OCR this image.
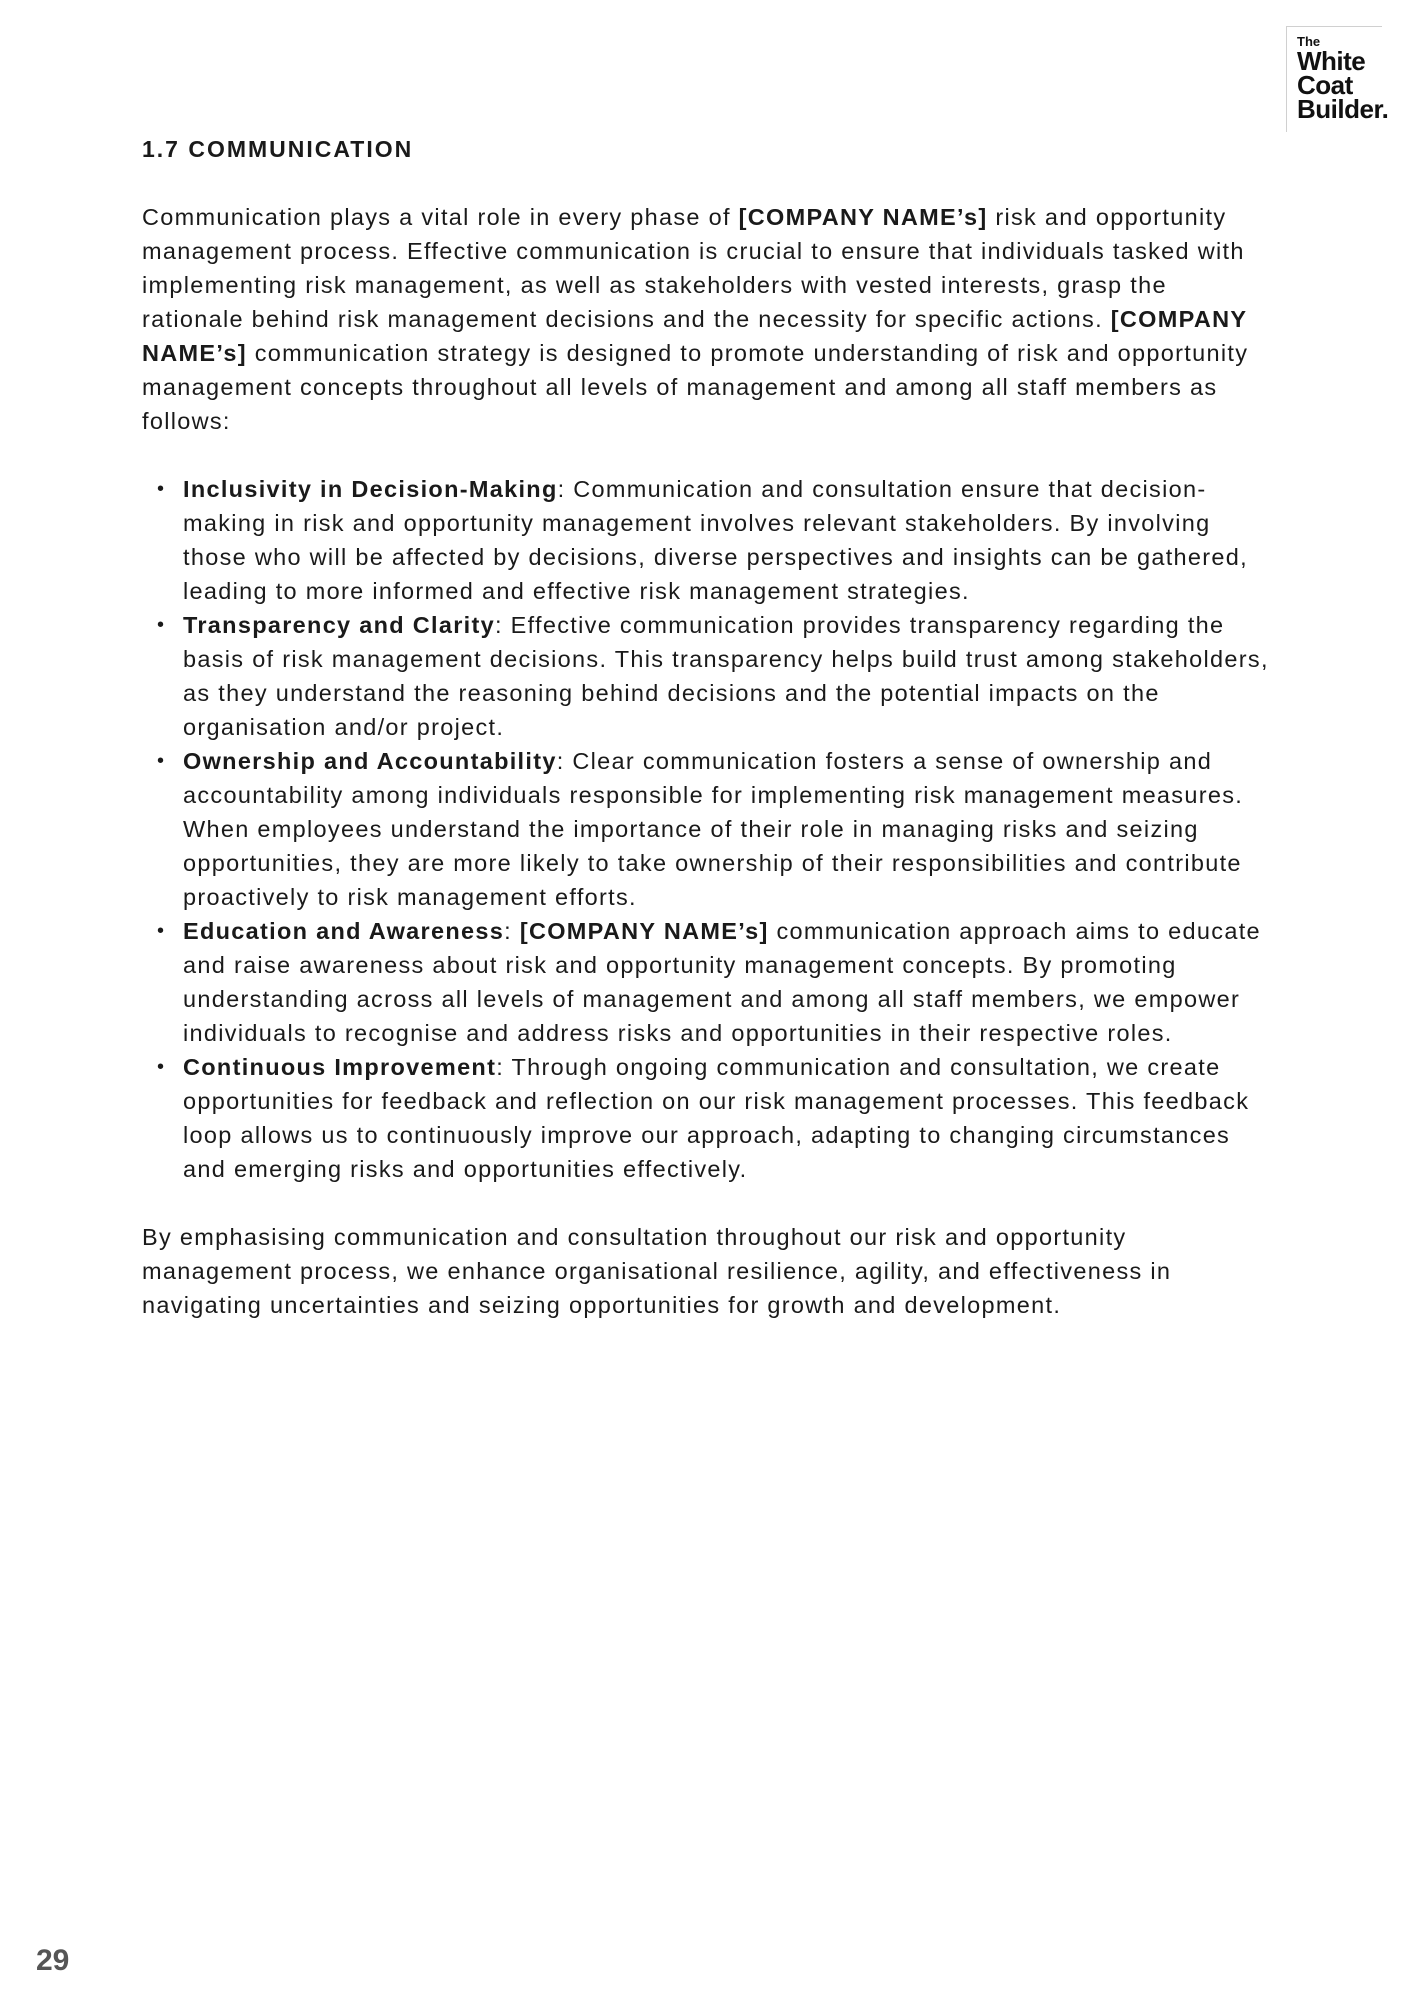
The
White
Coat
Builder.
1.7 COMMUNICATION

Communication plays a vital role in every phase of [COMPANY NAME’s] risk and opportunity management process. Effective communication is crucial to ensure that individuals tasked with implementing risk management, as well as stakeholders with vested interests, grasp the rationale behind risk management decisions and the necessity for specific actions. [COMPANY NAME’s] communication strategy is designed to promote understanding of risk and opportunity management concepts throughout all levels of management and among all staff members as follows:

• Inclusivity in Decision-Making: Communication and consultation ensure that decision-making in risk and opportunity management involves relevant stakeholders. By involving those who will be affected by decisions, diverse perspectives and insights can be gathered, leading to more informed and effective risk management strategies.
• Transparency and Clarity: Effective communication provides transparency regarding the basis of risk management decisions. This transparency helps build trust among stakeholders, as they understand the reasoning behind decisions and the potential impacts on the organisation and/or project.
• Ownership and Accountability: Clear communication fosters a sense of ownership and accountability among individuals responsible for implementing risk management measures. When employees understand the importance of their role in managing risks and seizing opportunities, they are more likely to take ownership of their responsibilities and contribute proactively to risk management efforts.
• Education and Awareness: [COMPANY NAME’s] communication approach aims to educate and raise awareness about risk and opportunity management concepts. By promoting understanding across all levels of management and among all staff members, we empower individuals to recognise and address risks and opportunities in their respective roles.
• Continuous Improvement: Through ongoing communication and consultation, we create opportunities for feedback and reflection on our risk management processes. This feedback loop allows us to continuously improve our approach, adapting to changing circumstances and emerging risks and opportunities effectively.

By emphasising communication and consultation throughout our risk and opportunity management process, we enhance organisational resilience, agility, and effectiveness in navigating uncertainties and seizing opportunities for growth and development.

29
